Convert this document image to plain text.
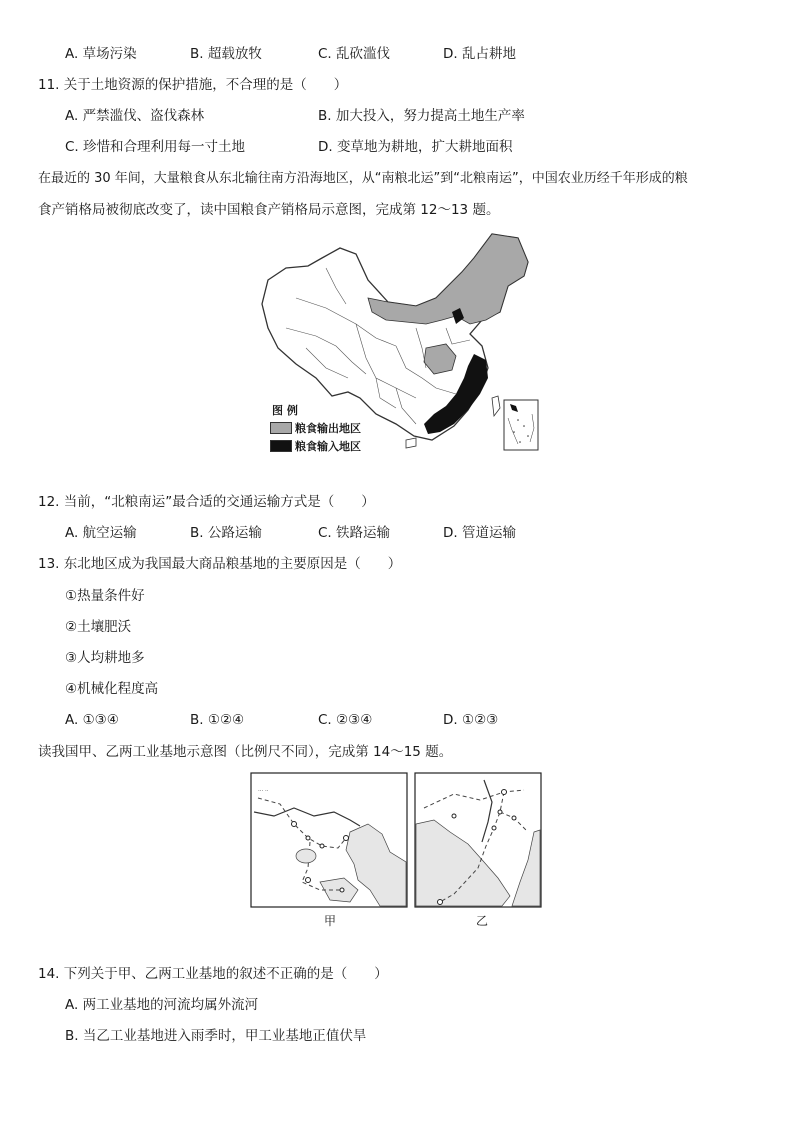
A. 草场污染	B. 超载放牧	C. 乱砍滥伐	D. 乱占耕地
11. 关于土地资源的保护措施，不合理的是（　　）
A. 严禁滥伐、盗伐森林	B. 加大投入，努力提高土地生产率
C. 珍惜和合理利用每一寸土地	D. 变草地为耕地，扩大耕地面积
在最近的 30 年间，大量粮食从东北输往南方沿海地区，从“南粮北运”到“北粮南运”，中国农业历经千年形成的粮
食产销格局被彻底改变了，读中国粮食产销格局示意图，完成第 12～13 题。
图 例
粮食输出地区
粮食输入地区
12. 当前，“北粮南运”最合适的交通运输方式是（　　）
A. 航空运输	B. 公路运输	C. 铁路运输	D. 管道运输
13. 东北地区成为我国最大商品粮基地的主要原因是（　　）
①热量条件好
②土壤肥沃
③人均耕地多
④机械化程度高
A. ①③④	B. ①②④	C. ②③④	D. ①②③
读我国甲、乙两工业基地示意图（比例尺不同），完成第 14～15 题。
··· ··
甲	乙
14. 下列关于甲、乙两工业基地的叙述不正确的是（　　）
A. 两工业基地的河流均属外流河
B. 当乙工业基地进入雨季时，甲工业基地正值伏旱
